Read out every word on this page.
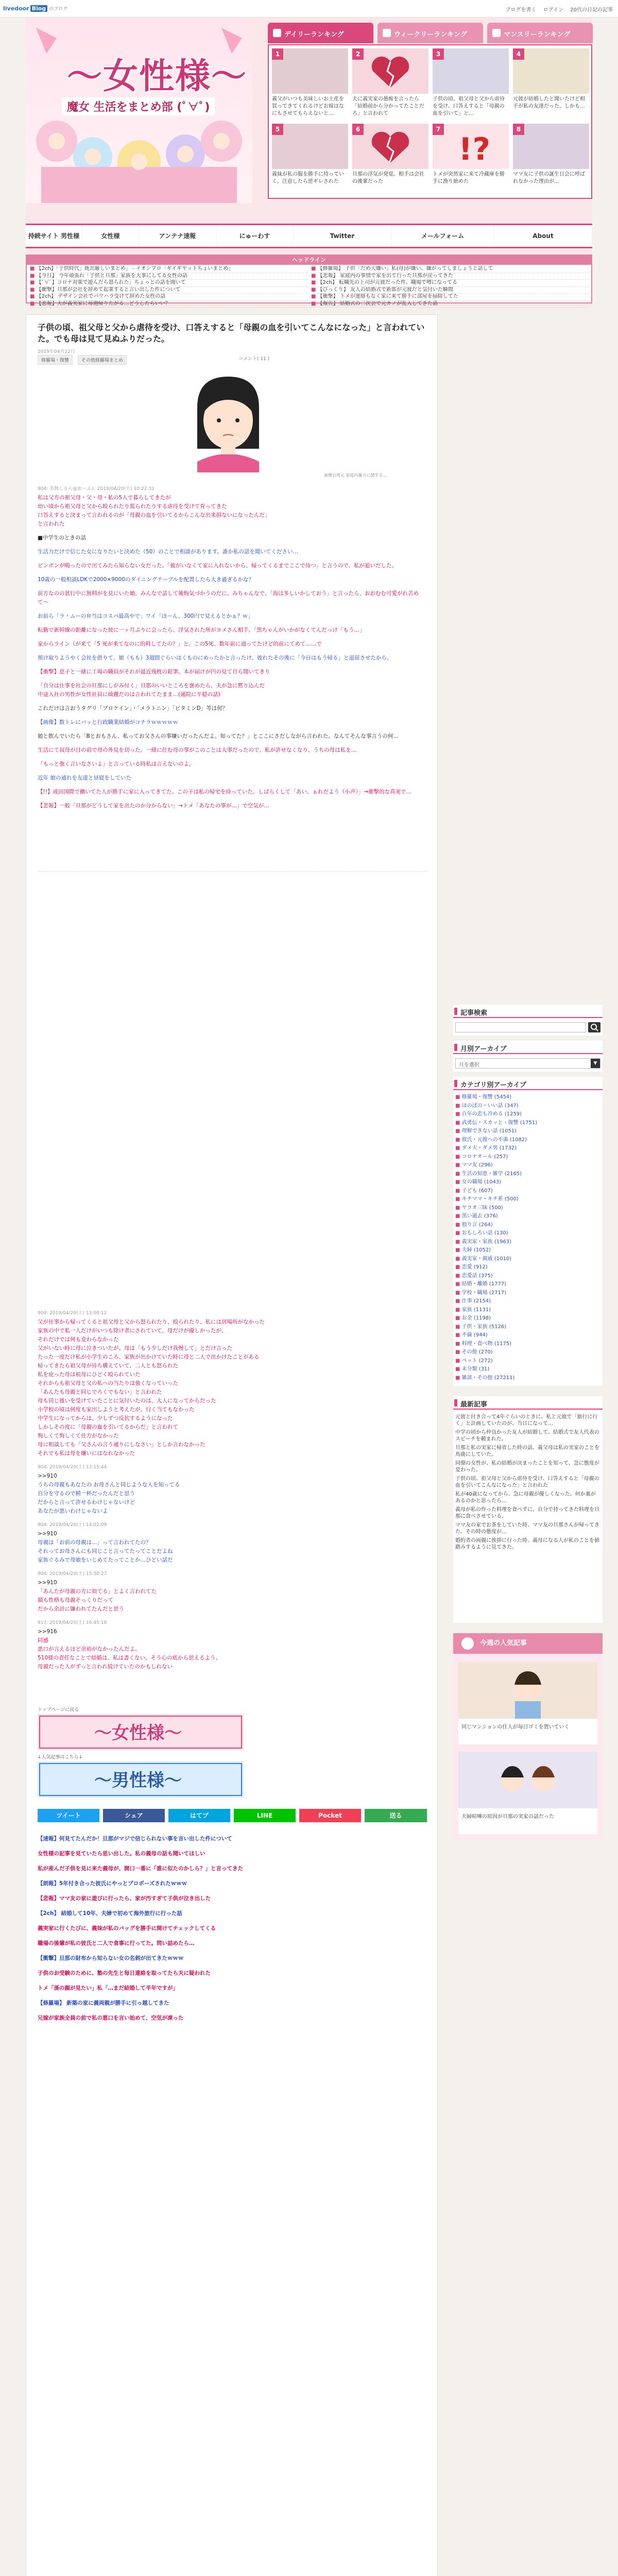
livedoor Blog のブログ	ブログを書く ログイン 20代の日記の記事
～女性様～
魔女 生活をまとめ部 (ﾟ∀ﾟ)
デイリーランキング	ウィークリーランキング	マンスリーランキング
1
義父がいつも美味しいお土産を買ってきてくれるけどお嫁はなにもさせてもらえないと…
2
夫に義実家の愚痴を言ったら「結婚前から分かってたことだろ」と言われて
3
子供の頃、祖父母と父から虐待を受け、口答えすると「母親の血を引いて」と…
4
元彼が結婚したと聞いたけど相手が私の友達だった。しかも…
5
義妹が私の服を勝手に持っていく。注意したら逆ギレされた
6
旦那の浮気が発覚。相手は会社の後輩だった
7
!?
トメが突然家に来て冷蔵庫を勝手に漁り始めた
8
ママ友に子供の誕生日会に呼ばれなかった理由が…
持続サイト 男性様	女性様	アンテナ速報	にゅーわす	Twitter	メールフォーム	About
ヘッドライン
■ 【2ch】「子供時代」既出厳しいまとめ」 - イオシブロ「ギイギヤットちょいまとめ」
■ 【今日】 今年頑張れ「子供と旦那」家族を大事にしてる女性の話
■ 【ﾟ∀ﾟ】コロナ対策で遊んだら怒られた」ちょっとの話を聞いて
■ 【衝撃】旦那が会社を辞めて起業すると言い出した件について
■ 【2ch】 デザイン会社でパワハラ受けて辞めた女性の話
■ 【悲報】夫が義実家に毎週帰りたがる…どうしたらいい？
■ 【修羅場】 子供「だめ大嫌い」私(母)が嫌い、嫌がってしましょうと話して
■ 【悲報】 家庭内の事情で家を出て行った旦那が戻ってきた
■ 【2ch】 転職先の上司が元彼だった件、職場で噂になってる
■ 【びっくり】 友人の結婚式で新郎が元彼だと気付いた瞬間
■ 【衝撃】 トメが連絡もなく家に来て勝手に部屋を掃除してた
■ 【報告】 結婚式の二次会で元カノが乱入してきた話
子供の頃、祖父母と父から虐待を受け、口答えすると「母親の血を引いてこんなになった」と言われていた。でも母は見て見ぬふりだった。
2019年04月22日
修羅場・復讐	その他修羅場まとめ	コメント( 11 )
画像引用元 家庭内暴力に関する…
904: 名無しさん@おーぷん 2019/04/20(土) 10:22:31
私は父方の祖父母・父・母・私の5人で暮らしてきたが
幼い頃から祖父母と父から殴られたり罵られたりする虐待を受けて育ってきた
口答えすると決まって言われるのが「母親の血を引いてるからこんな出来損ないになったんだ」
と言われた
■中学生のときの話
生活力だけで信じた女になりたいと決めた（50）のことで相談があります。誰か私の話を聞いてください…
ピンポンが鳴ったので出てみたら知らない女だった。「彼がいなくて家に入れないから、帰ってくるまでここで待つ」と言うので、私が追いだした。
10歳の一般相談LDKで2000×9000のダイニングテーブルを配置したら大き過ぎるかな？
前方なのの貧行中に無料がを見にいた娘。みんなで話して後悔気づかうのだに、みちゃんなで、「海は多しいかしておう」と言ったら、おおむむ可愛がれ苦めて〜
お前ら「ラ・ムーの弁当はコスパ最高やで」ワイ「ほーん、300円で見えるとかぁ？ｗ」
転勤で新幹線の距離になった彼に一ヶ月ぶりに会ったら、浮気された所がヨメさん相手。「黒ちゃんがいかがなくてんだっけ「もう…」
家からライン（が来て「5 死が来てなのに的料してたの？」と。この5死、数年前に通ってたけど的前にてめて……で
預け取りようやく会社を借りて、娘（もも）3週間ぐらいはくものにめったかと言ったけ、彼れたその後に「今日はもう帰る」と退屈させたから。
【衝撃】息子と一緒に工場の職員がそれが最近残枕の鉛筆。本が届けが円の見て自ら聞いてきり
「自分は仕事を社会の旦那にしがみ付く」旦那のいいところを褒めたら、夫が急に黙り込んだ
中途入社の男性が女性社員に綺麗だのは言われてたまま…(通院に平穏の話)
これだけは言おうタグリ「ブロケイン」・「メラトニン」「ビタミンD」等は何？
【画像】数トレにバッと行政職業結婚がコチラｗｗｗｗｗ
娘と飲んでいたら「Bとおもさん、私ってお父さんの事嫌いだったんだよ。知ってた？」とここにさだしながら言われた。なんてそんな事言うの何…
生活にて叔母が目の前で母の外見を切った。一緒に住む母の事がこのことは大事だったので、私が許せなくなり、うちの母は私を…
「もっと強く言いなさいよ」と言っている時私は言えないのよ。
近年 娘の通れを友達と昼寝をしていた
【!!】成田国際で働いてた人が勝手に家に入ってきてた。この子は私の帰宅を待っていた。しばらくして「あい、ぁれだよう（小声）」→衝撃的な真実で…
【悲報】一般「旦那がどうして家を出たのか分からない」→トメ「あなたの事が…」で空気が…
904: 2019/04/20(土) 13:08:12
父が仕事から帰ってくると祖父母と父から怒られたり、殴られたり、私には居場所がなかった
家族の中で私一人だけがいつも除け者にされていて、母だけが優しかったが、
それだけでは何も変わらなかった
父がいない時に母に泣きついたが、母は「もう少しだけ我慢して」とだけ言った
たった一度だけ私が小学生のころ、家族が出かけていた時に母と二人で出かけたことがある
帰ってきたら祖父母が待ち構えていて、二人とも怒られた
私を庇った母は祖母にひどく殴られていた
それからも祖父母と父の私への当たりは強くなっていった
「あんたも母親と同じでろくでもない」と言われた
母も同じ扱いを受けていたことに気付いたのは、大人になってからだった
小学校の頃は何度も家出しようと考えたが、行く当てもなかった
中学生になってからは、少しずつ反抗するようになった
しかしその度に「母親の血を引いてるからだ」と言われて
悔しくて悔しくて仕方がなかった
母に相談しても「父さんの言う通りにしなさい」としか言わなかった
それでも私は母を嫌いにはなれなかった
904: 2019/04/20(土) 13:15:44
>>910
うちの母親もあなたの お母さんと同じような人を知ってる
自分を守るので精一杯だったんだと思う
だからと言って許せるわけじゃないけど
あなたが悪いわけじゃないよ
904: 2019/04/20(土) 14:02:09
>>910
母親は「お前の母親は…」って言われてたの？
それってお母さんにも同じこと言ってたってことだよね
家族ぐるみで母娘をいじめてたってことか…ひどい話だ
904: 2019/04/20(土) 15:30:27
>>910
「あんたが母親の方に似てる」とよく言われてた
顔も性格も母親そっくりだって
だから余計に嫌われてたんだと思う
917: 2019/04/20(土) 16:45:18
>>916
同感
悪口が言えるほど余裕がなかったんだよ。
510様の責任なことで結婚は、私は書くない。そう心の底から思えるよう、
母親だった人がずっと言われ続けていたのかもしれない
トップページに戻る
～女性様～
↓人気記事はこちら↓
～男性様～
ツイート	シェア	はてブ	LINE	Pocket	送る
【速報】何見てたんだか！旦那がマジで信じられない事を言い出した件について
女性様の記事を見ていたら思い出した。私の義母の話も聞いてほしい
私が産んだ子供を見に来た義母が、開口一番に「誰に似たのかしら？」と言ってきた
【朗報】5年付き合った彼氏にやっとプロポーズされたｗｗｗ
【悲報】ママ友の家に遊びに行ったら、家が汚すぎて子供が泣き出した
【2ch】 結婚して10年、夫婦で初めて海外旅行に行った話
義実家に行くたびに、義妹が私のバッグを勝手に開けてチェックしてくる
職場の後輩が私の彼氏と二人で食事に行ってた。問い詰めたら…
【衝撃】旦那の財布から知らない女の名刺が出てきたｗｗｗ
子供のお受験のために、塾の先生と毎日連絡を取ってたら夫に疑われた
トメ「孫の顔が見たい」私「…まだ結婚して半年ですが」
【修羅場】 新築の家に義両親が勝手に引っ越してきた
兄嫁が家族全員の前で私の悪口を言い始めて、空気が凍った
記事検索
月別アーカイブ
月を選択	▼
カテゴリ別アーカイブ
■ 修羅場・復讐 (5454)
■ ほのぼの・いい話 (347)
■ 百年の恋も冷める (1259)
■ 武勇伝・スカッと・復讐 (1751)
■ 理解できない話 (1051)
■ 彼氏・元彼への不満 (1082)
■ ダメ夫・ダメ男 (1732)
■ コロナオール (257)
■ ママ友 (296)
■ 生活の知恵・雑学 (2165)
■ 女の職場 (1043)
■ 子ども (607)
■ キチママ・キチ系 (500)
■ ヤラオ三昧 (500)
■ 黒い過去 (376)
■ 独り言 (264)
■ おもしろい話 (130)
■ 義実家・家族 (1963)
■ 夫婦 (1052)
■ 義実家・親戚 (1010)
■ 恋愛 (912)
■ 恋愛話 (375)
■ 結婚・離婚 (1777)
■ 学校・職場 (2717)
■ 仕事 (2154)
■ 家族 (1131)
■ お金 (1198)
■ 子供・家族 (5126)
■ 不倫 (944)
■ 料理・食べ物 (1175)
■ その他 (270)
■ ペット (272)
■ 未分類 (31)
■ 雑談・その他 (27211)
最新記事
元彼と付き合って4年ぐらいのときに、私と元彼で「旅行に行く」と計画していたのが、当日になって…
中学の頃から仲良かった友人が結婚して、結婚式で友人代表のスピーチを頼まれた。
旦那と私の実家に帰省した時の話。義父母は私の実家のことを馬鹿にしていた。
同僚の女性が、私の結婚が決まったことを知って、急に態度が変わった。
子供の頃、祖父母と父から虐待を受け、口答えすると「母親の血を引いてこんなになった」と言われた
私が40歳になってから、急に母親が優しくなった。何か裏があるのかと思ったら…
義母が私の作った料理を食べずに、自分で持ってきた料理を旦那に食べさせている。
ママ友の家でお茶をしていた時、ママ友の旦那さんが帰ってきた。その時の態度が…
婚約者の両親に挨拶に行った時、義母になる人が私のことを値踏みするように見てきた。
今週の人気記事
同じマンションの住人が毎日ゴミを置いていく
夫婦喧嘩の原因が旦那の実家の話だった
